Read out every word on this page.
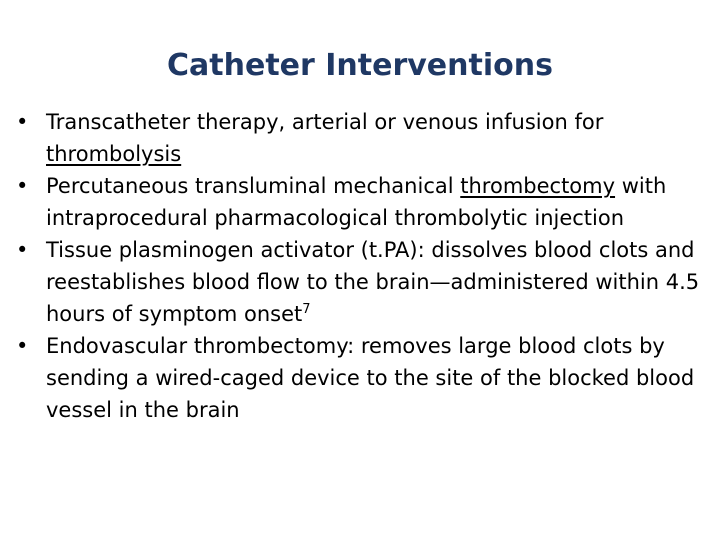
Catheter Interventions
• Transcatheter therapy, arterial or venous infusion for thrombolysis
• Percutaneous transluminal mechanical thrombectomy with intraprocedural pharmacological thrombolytic injection
• Tissue plasminogen activator (t.PA): dissolves blood clots and reestablishes blood flow to the brain—administered within 4.5 hours of symptom onset$^7$
• Endovascular thrombectomy: removes large blood clots by sending a wired-caged device to the site of the blocked blood vessel in the brain
